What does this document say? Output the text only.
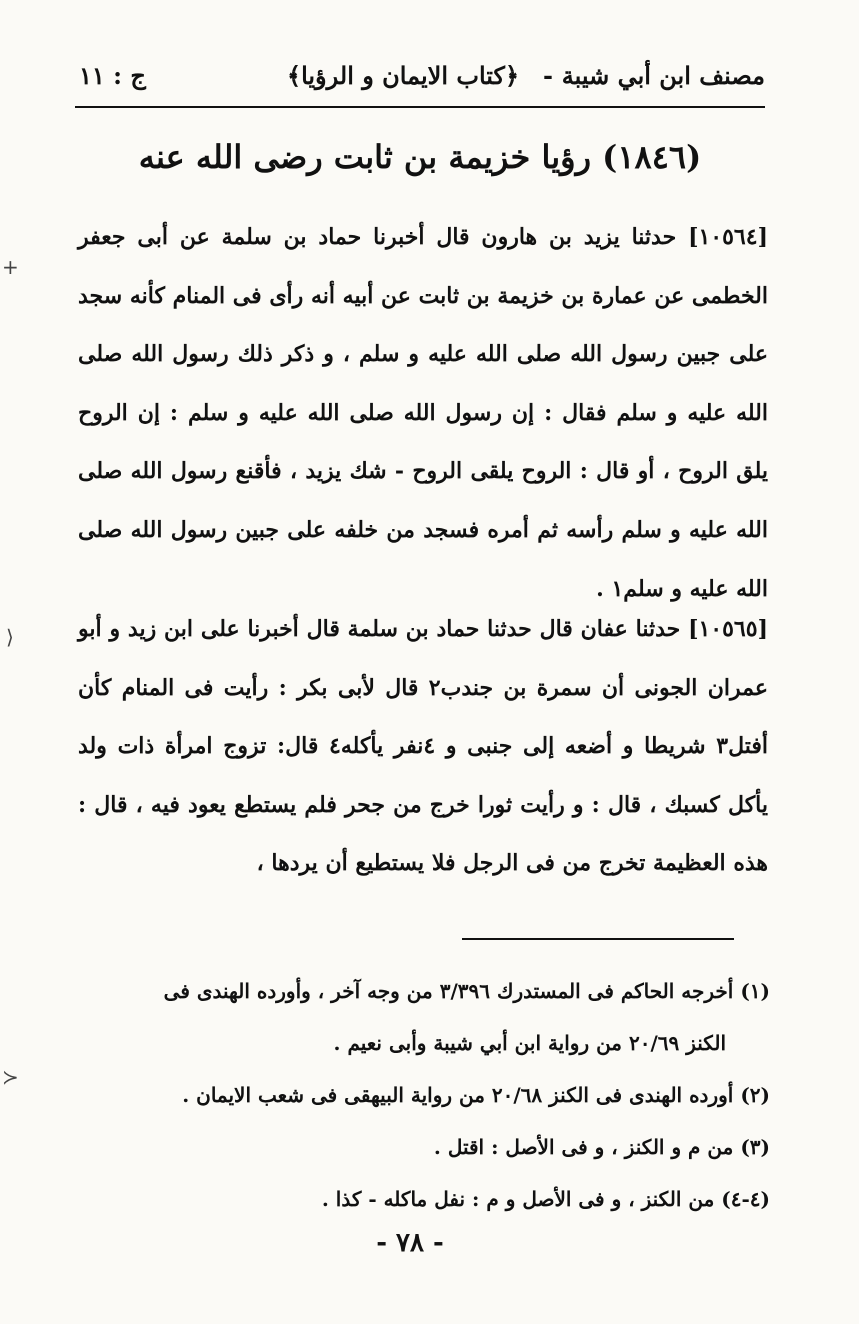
مصنف ابن أبي شيبة
-
﴿كتاب الايمان و الرؤيا﴾
ج : ١١
(١٨٤٦) رؤيا خزيمة بن ثابت رضى الله عنه
[١٠٥٦٤] حدثنا يزيد بن هارون قال أخبرنا حماد بن سلمة عن أبى جعفر الخطمى عن عمارة بن خزيمة بن ثابت عن أبيه أنه رأى فى المنام كأنه سجد على جبين رسول الله صلى الله عليه و سلم ، و ذكر ذلك رسول الله صلى الله عليه و سلم فقال : إن رسول الله صلى الله عليه و سلم : إن الروح يلق الروح ، أو قال : الروح يلقى الروح - شك يزيد ، فأقنع رسول الله صلى الله عليه و سلم رأسه ثم أمره فسجد من خلفه على جبين رسول الله صلى الله عليه و سلم١ .
[١٠٥٦٥] حدثنا عفان قال حدثنا حماد بن سلمة قال أخبرنا على ابن زيد و أبو عمران الجونى أن سمرة بن جندب٢ قال لأبى بكر : رأيت فى المنام كأن أفتل٣ شريطا و أضعه إلى جنبى و ٤نفر يأكله٤ قال: تزوج امرأة ذات ولد يأكل كسبك ، قال : و رأيت ثورا خرج من جحر فلم يستطع يعود فيه ، قال : هذه العظيمة تخرج من فى الرجل فلا يستطيع أن يردها ،
(١) أخرجه الحاكم فى المستدرك ٣/٣٩٦ من وجه آخر ، وأورده الهندى فى
الكنز ٢٠/٦٩ من رواية ابن أبي شيبة وأبى نعيم .
(٢) أورده الهندى فى الكنز ٢٠/٦٨ من رواية البيهقى فى شعب الايمان .
(٣) من م و الكنز ، و فى الأصل : اقتل .
(٤-٤) من الكنز ، و فى الأصل و م : نفل ماكله - كذا .
- ٧٨ -
+
⟩
≻
